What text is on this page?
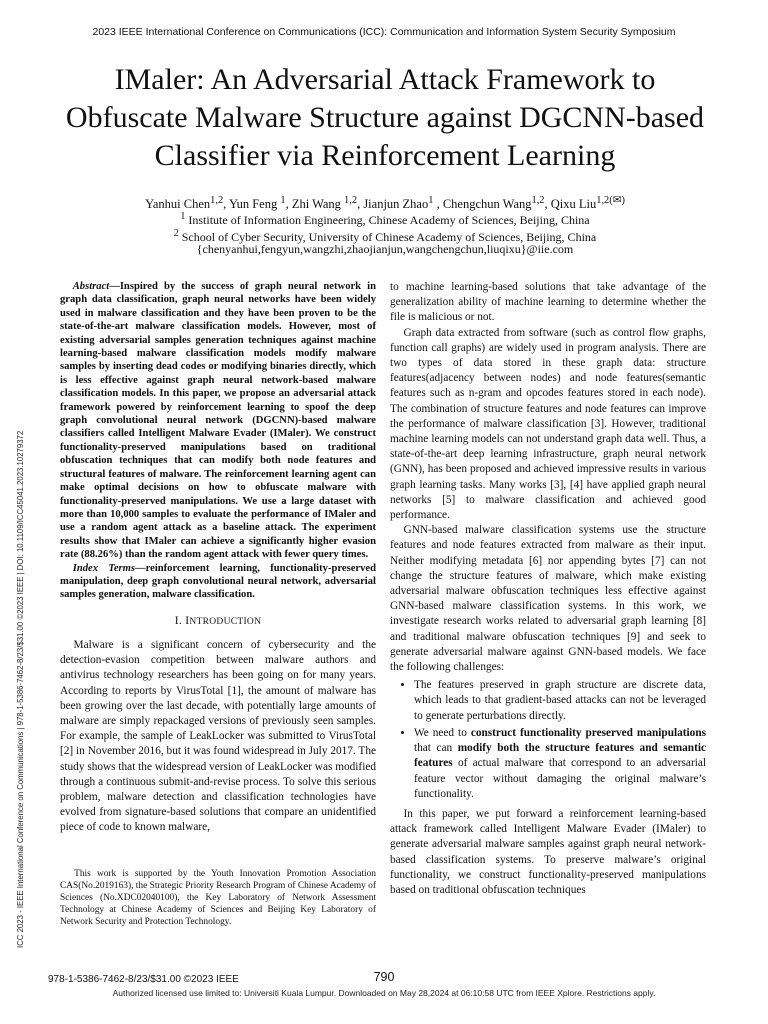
2023 IEEE International Conference on Communications (ICC): Communication and Information System Security Symposium
ICC 2023 - IEEE International Conference on Communications | 978-1-5386-7462-8/23/$31.00 ©2023 IEEE | DOI: 10.1109/ICC45041.2023.10279372
IMaler: An Adversarial Attack Framework to
Obfuscate Malware Structure against DGCNN-based
Classifier via Reinforcement Learning
Yanhui Chen$^{1,2}$, Yun Feng $^1$, Zhi Wang $^{1,2}$, Jianjun Zhao$^1$ , Chengchun Wang$^{1,2}$, Qixu Liu$^{1,2(✉)}$
$^1$ Institute of Information Engineering, Chinese Academy of Sciences, Beijing, China
$^2$ School of Cyber Security, University of Chinese Academy of Sciences, Beijing, China
{chenyanhui,fengyun,wangzhi,zhaojianjun,wangchengchun,liuqixu}@iie.com

Abstract—Inspired by the success of graph neural network in graph data classification, graph neural networks have been widely used in malware classification and they have been proven to be the state-of-the-art malware classification models. However, most of existing adversarial samples generation techniques against machine learning-based malware classification models modify malware samples by inserting dead codes or modifying binaries directly, which is less effective against graph neural network-based malware classification models. In this paper, we propose an adversarial attack framework powered by reinforcement learning to spoof the deep graph convolutional neural network (DGCNN)-based malware classifiers called Intelligent Malware Evader (IMaler). We construct functionality-preserved manipulations based on traditional obfuscation techniques that can modify both node features and structural features of malware. The reinforcement learning agent can make optimal decisions on how to obfuscate malware with functionality-preserved manipulations. We use a large dataset with more than 10,000 samples to evaluate the performance of IMaler and use a random agent attack as a baseline attack. The experiment results show that IMaler can achieve a significantly higher evasion rate (88.26%) than the random agent attack with fewer query times.

Index Terms—reinforcement learning, functionality-preserved manipulation, deep graph convolutional neural network, adversarial samples generation, malware classification.

I. INTRODUCTION

Malware is a significant concern of cybersecurity and the detection-evasion competition between malware authors and antivirus technology researchers has been going on for many years. According to reports by VirusTotal [1], the amount of malware has been growing over the last decade, with potentially large amounts of malware are simply repackaged versions of previously seen samples. For example, the sample of LeakLocker was submitted to VirusTotal [2] in November 2016, but it was found widespread in July 2017. The study shows that the widespread version of LeakLocker was modified through a continuous submit-and-revise process. To solve this serious problem, malware detection and classification technologies have evolved from signature-based solutions that compare an unidentified piece of code to known malware,

This work is supported by the Youth Innovation Promotion Association CAS(No.2019163), the Strategic Priority Research Program of Chinese Academy of Sciences (No.XDC02040100), the Key Laboratory of Network Assessment Technology at Chinese Academy of Sciences and Beijing Key Laboratory of Network Security and Protection Technology.

to machine learning-based solutions that take advantage of the generalization ability of machine learning to determine whether the file is malicious or not.

Graph data extracted from software (such as control flow graphs, function call graphs) are widely used in program analysis. There are two types of data stored in these graph data: structure features(adjacency between nodes) and node features(semantic features such as n-gram and opcodes features stored in each node). The combination of structure features and node features can improve the performance of malware classification [3]. However, traditional machine learning models can not understand graph data well. Thus, a state-of-the-art deep learning infrastructure, graph neural network (GNN), has been proposed and achieved impressive results in various graph learning tasks. Many works [3], [4] have applied graph neural networks [5] to malware classification and achieved good performance.

GNN-based malware classification systems use the structure features and node features extracted from malware as their input. Neither modifying metadata [6] nor appending bytes [7] can not change the structure features of malware, which make existing adversarial malware obfuscation techniques less effective against GNN-based malware classification systems. In this work, we investigate research works related to adversarial graph learning [8] and traditional malware obfuscation techniques [9] and seek to generate adversarial malware against GNN-based models. We face the following challenges:

• The features preserved in graph structure are discrete data, which leads to that gradient-based attacks can not be leveraged to generate perturbations directly.
• We need to construct functionality preserved manipulations that can modify both the structure features and semantic features of actual malware that correspond to an adversarial feature vector without damaging the original malware’s functionality.

In this paper, we put forward a reinforcement learning-based attack framework called Intelligent Malware Evader (IMaler) to generate adversarial malware samples against graph neural network-based classification systems. To preserve malware’s original functionality, we construct functionality-preserved manipulations based on traditional obfuscation techniques

978-1-5386-7462-8/23/$31.00 ©2023 IEEE	790
Authorized licensed use limited to: Universiti Kuala Lumpur. Downloaded on May 28,2024 at 06:10:58 UTC from IEEE Xplore. Restrictions apply.
